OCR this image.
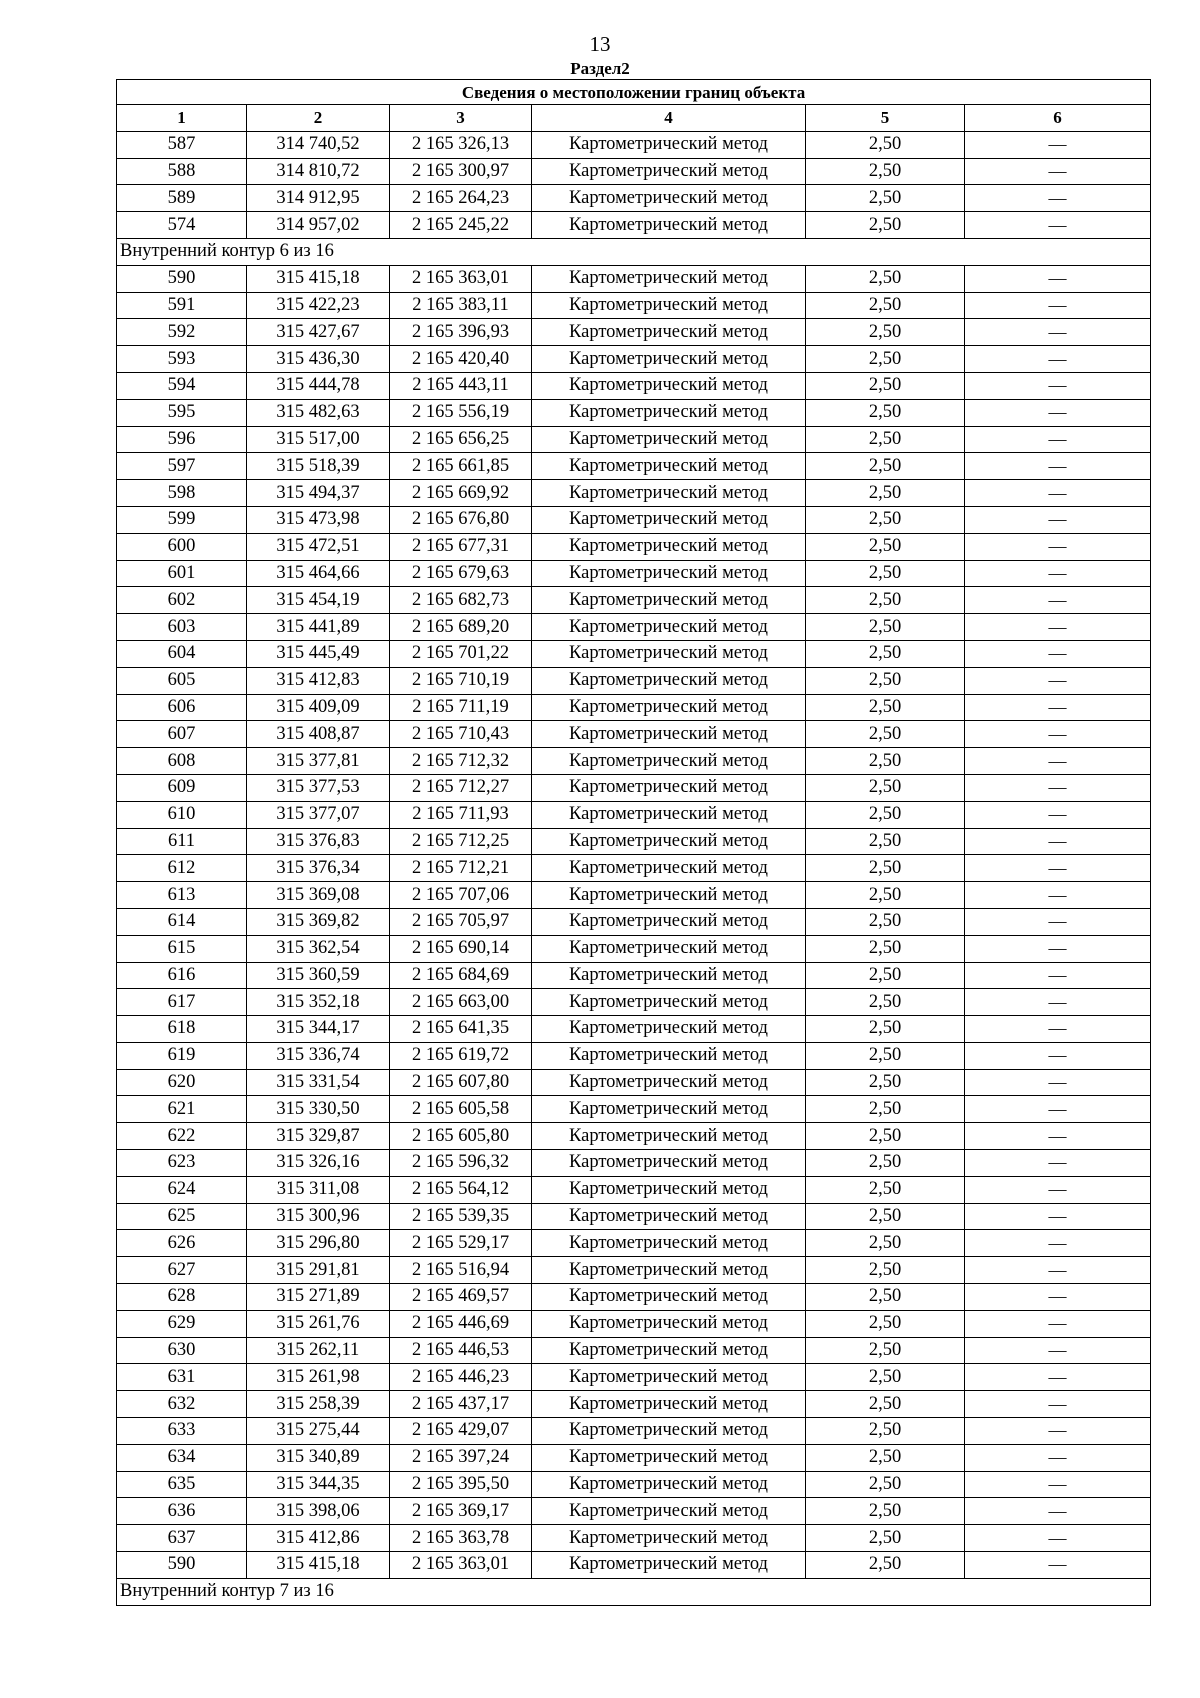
13
Раздел2
Сведения о местоположении границ объекта					
1	2	3	4	5	6
587	314 740,52	2 165 326,13	Картометрический метод	2,50	—
588	314 810,72	2 165 300,97	Картометрический метод	2,50	—
589	314 912,95	2 165 264,23	Картометрический метод	2,50	—
574	314 957,02	2 165 245,22	Картометрический метод	2,50	—
Внутренний контур 6 из 16					
590	315 415,18	2 165 363,01	Картометрический метод	2,50	—
591	315 422,23	2 165 383,11	Картометрический метод	2,50	—
592	315 427,67	2 165 396,93	Картометрический метод	2,50	—
593	315 436,30	2 165 420,40	Картометрический метод	2,50	—
594	315 444,78	2 165 443,11	Картометрический метод	2,50	—
595	315 482,63	2 165 556,19	Картометрический метод	2,50	—
596	315 517,00	2 165 656,25	Картометрический метод	2,50	—
597	315 518,39	2 165 661,85	Картометрический метод	2,50	—
598	315 494,37	2 165 669,92	Картометрический метод	2,50	—
599	315 473,98	2 165 676,80	Картометрический метод	2,50	—
600	315 472,51	2 165 677,31	Картометрический метод	2,50	—
601	315 464,66	2 165 679,63	Картометрический метод	2,50	—
602	315 454,19	2 165 682,73	Картометрический метод	2,50	—
603	315 441,89	2 165 689,20	Картометрический метод	2,50	—
604	315 445,49	2 165 701,22	Картометрический метод	2,50	—
605	315 412,83	2 165 710,19	Картометрический метод	2,50	—
606	315 409,09	2 165 711,19	Картометрический метод	2,50	—
607	315 408,87	2 165 710,43	Картометрический метод	2,50	—
608	315 377,81	2 165 712,32	Картометрический метод	2,50	—
609	315 377,53	2 165 712,27	Картометрический метод	2,50	—
610	315 377,07	2 165 711,93	Картометрический метод	2,50	—
611	315 376,83	2 165 712,25	Картометрический метод	2,50	—
612	315 376,34	2 165 712,21	Картометрический метод	2,50	—
613	315 369,08	2 165 707,06	Картометрический метод	2,50	—
614	315 369,82	2 165 705,97	Картометрический метод	2,50	—
615	315 362,54	2 165 690,14	Картометрический метод	2,50	—
616	315 360,59	2 165 684,69	Картометрический метод	2,50	—
617	315 352,18	2 165 663,00	Картометрический метод	2,50	—
618	315 344,17	2 165 641,35	Картометрический метод	2,50	—
619	315 336,74	2 165 619,72	Картометрический метод	2,50	—
620	315 331,54	2 165 607,80	Картометрический метод	2,50	—
621	315 330,50	2 165 605,58	Картометрический метод	2,50	—
622	315 329,87	2 165 605,80	Картометрический метод	2,50	—
623	315 326,16	2 165 596,32	Картометрический метод	2,50	—
624	315 311,08	2 165 564,12	Картометрический метод	2,50	—
625	315 300,96	2 165 539,35	Картометрический метод	2,50	—
626	315 296,80	2 165 529,17	Картометрический метод	2,50	—
627	315 291,81	2 165 516,94	Картометрический метод	2,50	—
628	315 271,89	2 165 469,57	Картометрический метод	2,50	—
629	315 261,76	2 165 446,69	Картометрический метод	2,50	—
630	315 262,11	2 165 446,53	Картометрический метод	2,50	—
631	315 261,98	2 165 446,23	Картометрический метод	2,50	—
632	315 258,39	2 165 437,17	Картометрический метод	2,50	—
633	315 275,44	2 165 429,07	Картометрический метод	2,50	—
634	315 340,89	2 165 397,24	Картометрический метод	2,50	—
635	315 344,35	2 165 395,50	Картометрический метод	2,50	—
636	315 398,06	2 165 369,17	Картометрический метод	2,50	—
637	315 412,86	2 165 363,78	Картометрический метод	2,50	—
590	315 415,18	2 165 363,01	Картометрический метод	2,50	—
Внутренний контур 7 из 16					
